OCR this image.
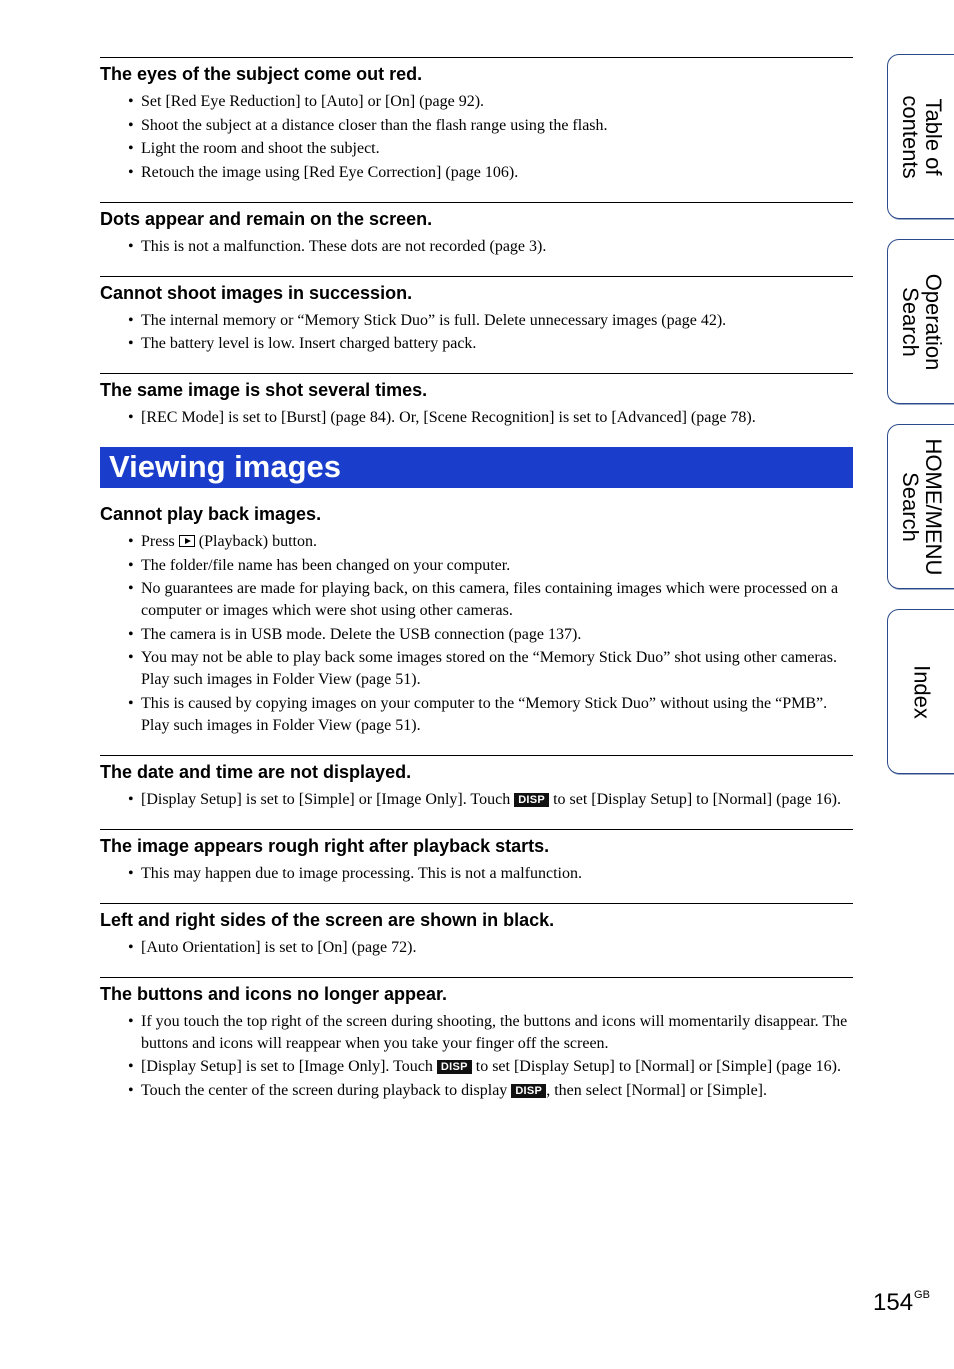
The eyes of the subject come out red.
• Set [Red Eye Reduction] to [Auto] or [On] (page 92).
• Shoot the subject at a distance closer than the flash range using the flash.
• Light the room and shoot the subject.
• Retouch the image using [Red Eye Correction] (page 106).
Dots appear and remain on the screen.
• This is not a malfunction. These dots are not recorded (page 3).
Cannot shoot images in succession.
• The internal memory or “Memory Stick Duo” is full. Delete unnecessary images (page 42).
• The battery level is low. Insert charged battery pack.
The same image is shot several times.
• [REC Mode] is set to [Burst] (page 84). Or, [Scene Recognition] is set to [Advanced] (page 78).
Viewing images
Cannot play back images.
• Press (Playback) button.
• The folder/file name has been changed on your computer.
• No guarantees are made for playing back, on this camera, files containing images which were processed on a computer or images which were shot using other cameras.
• The camera is in USB mode. Delete the USB connection (page 137).
• You may not be able to play back some images stored on the “Memory Stick Duo” shot using other cameras. Play such images in Folder View (page 51).
• This is caused by copying images on your computer to the “Memory Stick Duo” without using the “PMB”. Play such images in Folder View (page 51).
The date and time are not displayed.
• [Display Setup] is set to [Simple] or [Image Only]. Touch DISP to set [Display Setup] to [Normal] (page 16).
The image appears rough right after playback starts.
• This may happen due to image processing. This is not a malfunction.
Left and right sides of the screen are shown in black.
• [Auto Orientation] is set to [On] (page 72).
The buttons and icons no longer appear.
• If you touch the top right of the screen during shooting, the buttons and icons will momentarily disappear. The buttons and icons will reappear when you take your finger off the screen.
• [Display Setup] is set to [Image Only]. Touch DISP to set [Display Setup] to [Normal] or [Simple] (page 16).
• Touch the center of the screen during playback to display DISP , then select [Normal] or [Simple].
Table of
contents
Operation
Search
HOME/MENU
Search
Index
$154^{GB}$
